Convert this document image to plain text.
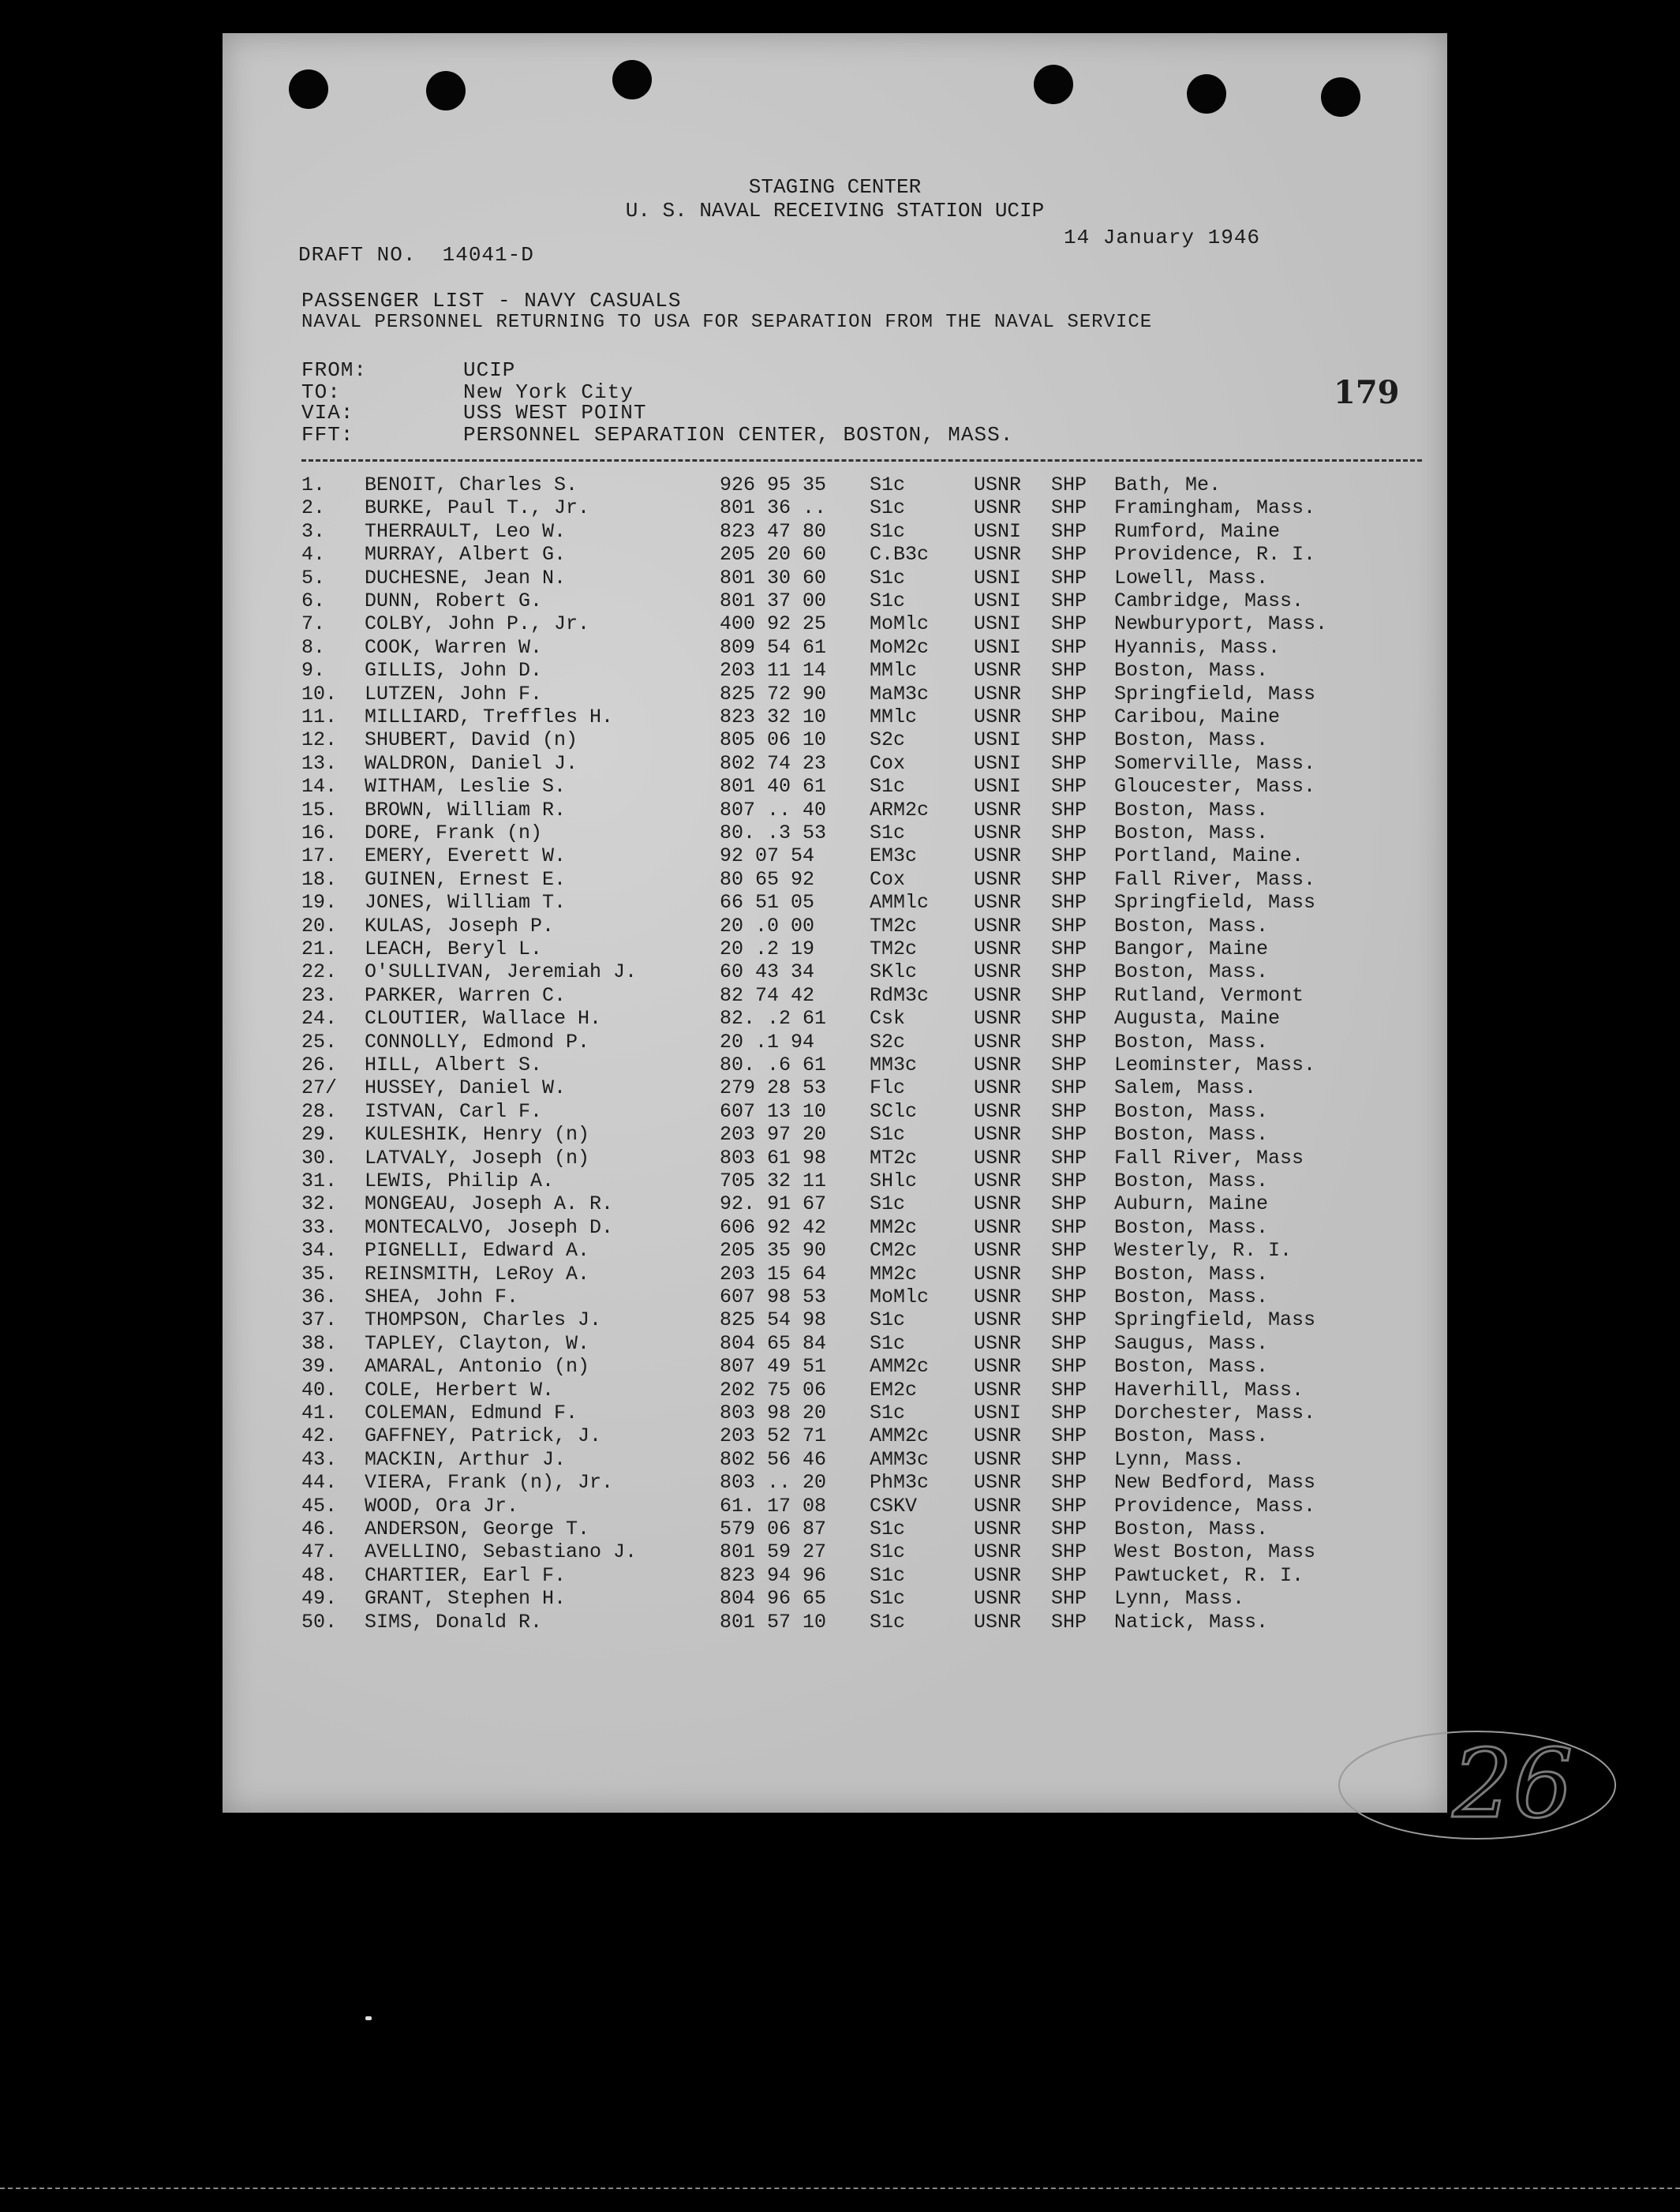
STAGING CENTER
U. S. NAVAL RECEIVING STATION UCIP
14 January 1946
DRAFT NO.  14041-D
PASSENGER LIST - NAVY CASUALS
NAVAL PERSONNEL RETURNING TO USA FOR SEPARATION FROM THE NAVAL SERVICE
179
FROM:	UCIP
TO:	New York City
VIA:	USS WEST POINT
FFT:	PERSONNEL SEPARATION CENTER, BOSTON, MASS.
1. BENOIT, Charles S.	926 95 35 S1c	USNR SHP Bath, Me.
2. BURKE, Paul T., Jr.	801 36 .. S1c	USNR SHP Framingham, Mass.
3. THERRAULT, Leo W.	823 47 80 S1c	USNI SHP Rumford, Maine
4. MURRAY, Albert G.	205 20 60 C.B3c USNR SHP Providence, R. I.
5. DUCHESNE, Jean N.	801 30 60 S1c	USNI SHP Lowell, Mass.
6. DUNN, Robert G.	801 37 00 S1c	USNI SHP Cambridge, Mass.
7. COLBY, John P., Jr.	400 92 25 MoMlc USNI SHP Newburyport, Mass.
8. COOK, Warren W.	809 54 61 MoM2c USNI SHP Hyannis, Mass.
9. GILLIS, John D.	203 11 14 MMlc	USNR SHP Boston, Mass.
10. LUTZEN, John F.	825 72 90 MaM3c USNR SHP Springfield, Mass
11. MILLIARD, Treffles H.	823 32 10 MMlc	USNR SHP Caribou, Maine
12. SHUBERT, David (n)	805 06 10 S2c	USNI SHP Boston, Mass.
13. WALDRON, Daniel J.	802 74 23 Cox	USNI SHP Somerville, Mass.
14. WITHAM, Leslie S.	801 40 61 S1c	USNI SHP Gloucester, Mass.
15. BROWN, William R.	807 .. 40 ARM2c USNR SHP Boston, Mass.
16. DORE, Frank (n)	80. .3 53 S1c	USNR SHP Boston, Mass.
17. EMERY, Everett W.	92 07 54	EM3c	USNR SHP Portland, Maine.
18. GUINEN, Ernest E.	80 65 92	Cox	USNR SHP Fall River, Mass.
19. JONES, William T.	66 51 05	AMMlc USNR SHP Springfield, Mass
20. KULAS, Joseph P.	20 .0 00	TM2c	USNR SHP Boston, Mass.
21. LEACH, Beryl L.	20 .2 19	TM2c	USNR SHP Bangor, Maine
22. O'SULLIVAN, Jeremiah J.	60 43 34	SKlc	USNR SHP Boston, Mass.
23. PARKER, Warren C.	82 74 42	RdM3c USNR SHP Rutland, Vermont
24. CLOUTIER, Wallace H.	82. .2 61 Csk	USNR SHP Augusta, Maine
25. CONNOLLY, Edmond P.	20 .1 94	S2c	USNR SHP Boston, Mass.
26. HILL, Albert S.	80. .6 61 MM3c	USNR SHP Leominster, Mass.
27/ HUSSEY, Daniel W.	279 28 53 Flc	USNR SHP Salem, Mass.
28. ISTVAN, Carl F.	607 13 10 SClc	USNR SHP Boston, Mass.
29. KULESHIK, Henry (n)	203 97 20 S1c	USNR SHP Boston, Mass.
30. LATVALY, Joseph (n)	803 61 98 MT2c	USNR SHP Fall River, Mass
31. LEWIS, Philip A.	705 32 11 SHlc	USNR SHP Boston, Mass.
32. MONGEAU, Joseph A. R.	92. 91 67 S1c	USNR SHP Auburn, Maine
33. MONTECALVO, Joseph D.	606 92 42 MM2c	USNR SHP Boston, Mass.
34. PIGNELLI, Edward A.	205 35 90 CM2c	USNR SHP Westerly, R. I.
35. REINSMITH, LeRoy A.	203 15 64 MM2c	USNR SHP Boston, Mass.
36. SHEA, John F.	607 98 53 MoMlc USNR SHP Boston, Mass.
37. THOMPSON, Charles J.	825 54 98 S1c	USNR SHP Springfield, Mass
38. TAPLEY, Clayton, W.	804 65 84 S1c	USNR SHP Saugus, Mass.
39. AMARAL, Antonio (n)	807 49 51 AMM2c USNR SHP Boston, Mass.
40. COLE, Herbert W.	202 75 06 EM2c	USNR SHP Haverhill, Mass.
41. COLEMAN, Edmund F.	803 98 20 S1c	USNI SHP Dorchester, Mass.
42. GAFFNEY, Patrick, J.	203 52 71 AMM2c USNR SHP Boston, Mass.
43. MACKIN, Arthur J.	802 56 46 AMM3c USNR SHP Lynn, Mass.
44. VIERA, Frank (n), Jr.	803 .. 20 PhM3c USNR SHP New Bedford, Mass
45. WOOD, Ora Jr.	61. 17 08 CSKV	USNR SHP Providence, Mass.
46. ANDERSON, George T.	579 06 87 S1c	USNR SHP Boston, Mass.
47. AVELLINO, Sebastiano J.	801 59 27 S1c	USNR SHP West Boston, Mass
48. CHARTIER, Earl F.	823 94 96 S1c	USNR SHP Pawtucket, R. I.
49. GRANT, Stephen H.	804 96 65 S1c	USNR SHP Lynn, Mass.
50. SIMS, Donald R.	801 57 10 S1c	USNR SHP Natick, Mass.
26
